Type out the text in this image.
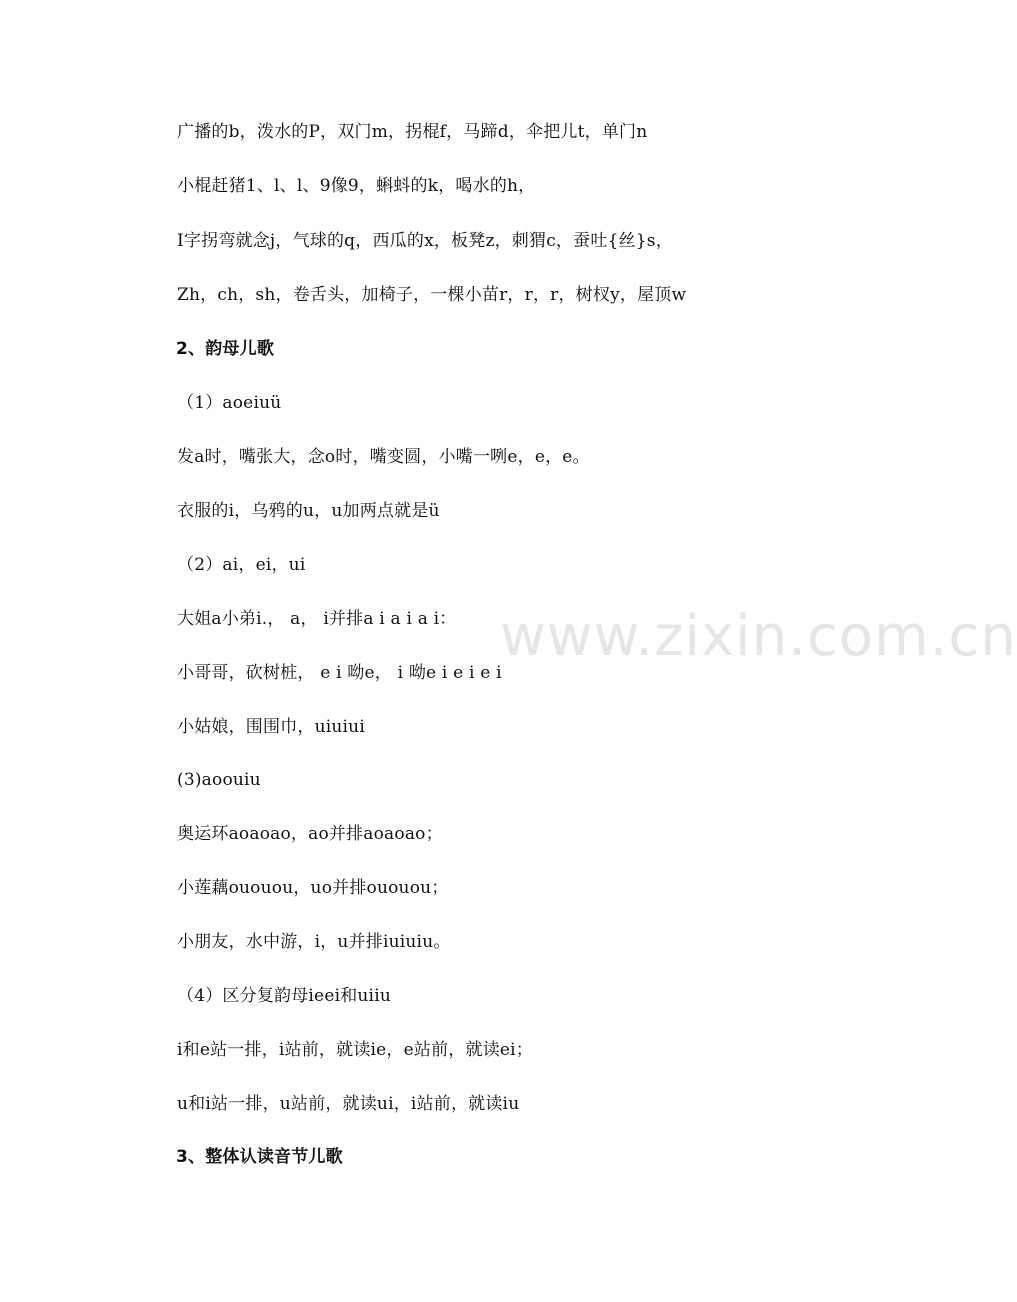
www.zixin.com.cn
广播的b，泼水的P，双门m，拐棍f，马蹄d，伞把儿t，单门n
小棍赶猪1、l、l、9像9，蝌蚪的k，喝水的h，
I字拐弯就念j，气球的q，西瓜的x，板凳z，刺猬c，蚕吐{丝}s，
Zh，ch，sh，卷舌头，加椅子，一棵小苗r，r，r，树杈y，屋顶w
2、韵母儿歌
（1）aoeiuü
发a时，嘴张大，念o时，嘴变圆，小嘴一咧e，e，e。
衣服的i，乌鸦的u，u加两点就是ü
（2）ai，ei，ui
大姐a小弟i.， a， i并排a i a i a i：
小哥哥，砍树桩， e i 呦e， i 呦e i e i e i
小姑娘，围围巾，uiuiui
(3)aoouiu
奥运环aoaoao，ao并排aoaoao；
小莲藕ououou，uo并排ououou；
小朋友，水中游，i，u并排iuiuiu。
（4）区分复韵母ieei和uiiu
i和e站一排，i站前，就读ie，e站前，就读ei；
u和i站一排，u站前，就读ui，i站前，就读iu
3、整体认读音节儿歌
